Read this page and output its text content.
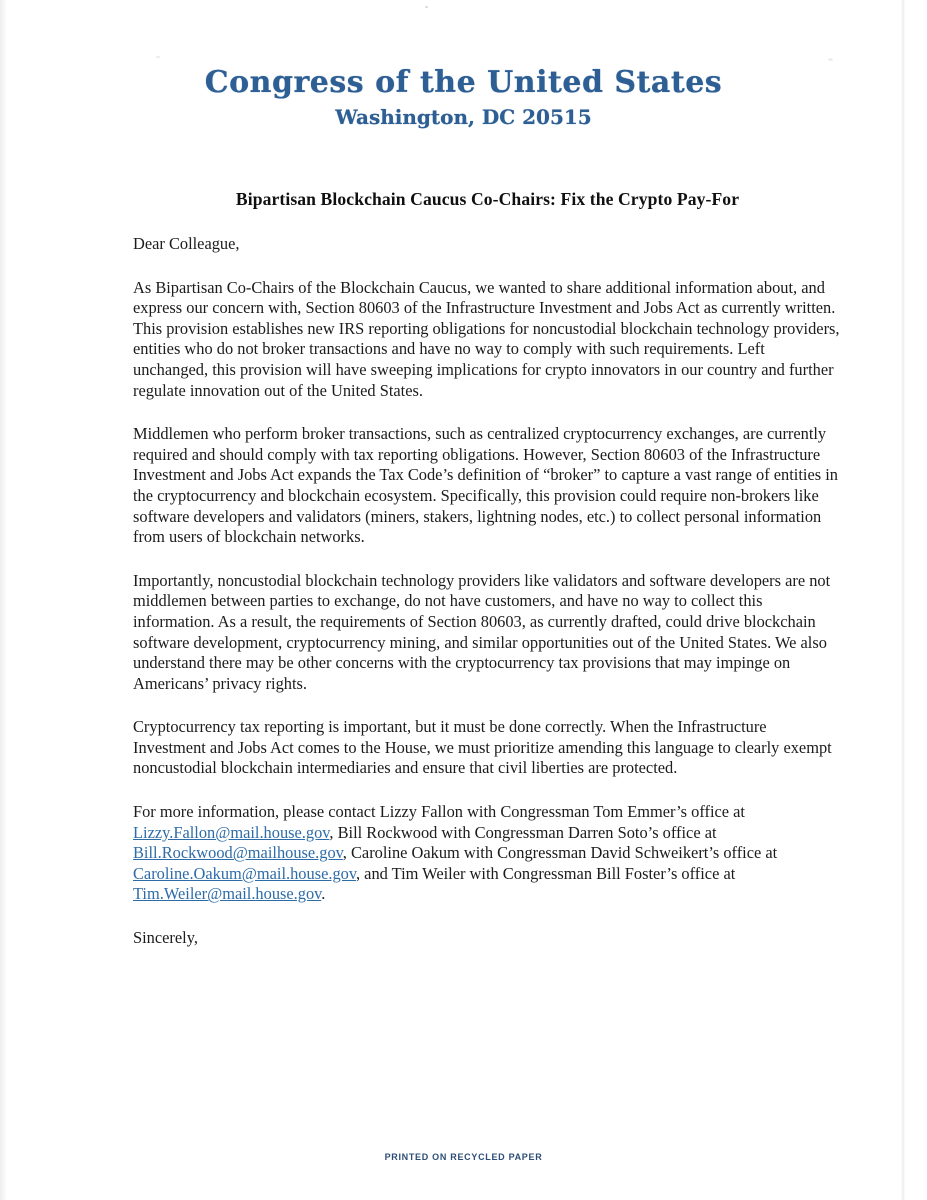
Congress of the United States
Washington, DC 20515
Bipartisan Blockchain Caucus Co-Chairs: Fix the Crypto Pay-For

Dear Colleague,

As Bipartisan Co-Chairs of the Blockchain Caucus, we wanted to share additional information about, and express our concern with, Section 80603 of the Infrastructure Investment and Jobs Act as currently written. This provision establishes new IRS reporting obligations for noncustodial blockchain technology providers, entities who do not broker transactions and have no way to comply with such requirements. Left unchanged, this provision will have sweeping implications for crypto innovators in our country and further regulate innovation out of the United States.

Middlemen who perform broker transactions, such as centralized cryptocurrency exchanges, are currently required and should comply with tax reporting obligations. However, Section 80603 of the Infrastructure Investment and Jobs Act expands the Tax Code’s definition of “broker” to capture a vast range of entities in the cryptocurrency and blockchain ecosystem. Specifically, this provision could require non-brokers like software developers and validators (miners, stakers, lightning nodes, etc.) to collect personal information from users of blockchain networks.

Importantly, noncustodial blockchain technology providers like validators and software developers are not middlemen between parties to exchange, do not have customers, and have no way to collect this information. As a result, the requirements of Section 80603, as currently drafted, could drive blockchain software development, cryptocurrency mining, and similar opportunities out of the United States. We also understand there may be other concerns with the cryptocurrency tax provisions that may impinge on Americans’ privacy rights.

Cryptocurrency tax reporting is important, but it must be done correctly. When the Infrastructure Investment and Jobs Act comes to the House, we must prioritize amending this language to clearly exempt noncustodial blockchain intermediaries and ensure that civil liberties are protected.

For more information, please contact Lizzy Fallon with Congressman Tom Emmer’s office at Lizzy.Fallon@mail.house.gov, Bill Rockwood with Congressman Darren Soto’s office at Bill.Rockwood@mailhouse.gov, Caroline Oakum with Congressman David Schweikert’s office at Caroline.Oakum@mail.house.gov, and Tim Weiler with Congressman Bill Foster’s office at Tim.Weiler@mail.house.gov.

Sincerely,

PRINTED ON RECYCLED PAPER
